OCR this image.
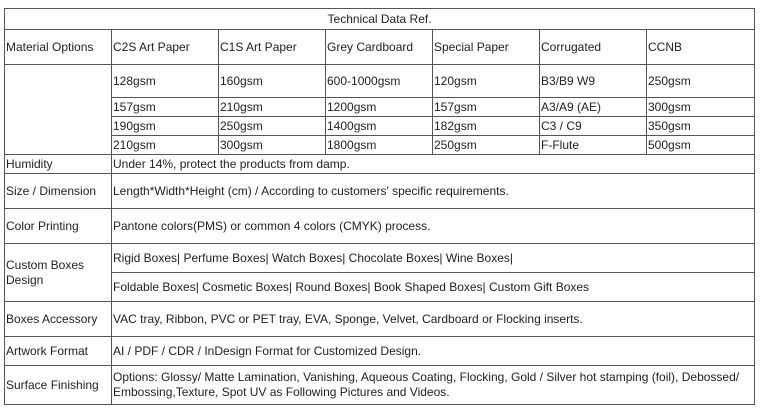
Technical Data Ref.						
Material Options	C2S Art Paper	C1S Art Paper	Grey Cardboard	Special Paper	Corrugated	CCNB
	128gsm	160gsm	600-1000gsm	120gsm	B3/B9 W9	250gsm
	157gsm	210gsm	1200gsm	157gsm	A3/A9 (AE)	300gsm
	190gsm	250gsm	1400gsm	182gsm	C3 / C9	350gsm
	210gsm	300gsm	1800gsm	250gsm	F-Flute	500gsm
Humidity	Under 14%, protect the products from damp.					
Size / Dimension	Length*Width*Height (cm) / According to customers' specific requirements.					
Color Printing	Pantone colors(PMS) or common 4 colors (CMYK) process.					
Custom Boxes Design	Rigid Boxes| Perfume Boxes| Watch Boxes| Chocolate Boxes| Wine Boxes|					
	Foldable Boxes| Cosmetic Boxes| Round Boxes| Book Shaped Boxes| Custom Gift Boxes					
Boxes Accessory	VAC tray, Ribbon, PVC or PET tray, EVA, Sponge, Velvet, Cardboard or Flocking inserts.					
Artwork Format	AI / PDF / CDR / InDesign Format for Customized Design.					
Surface Finishing	Options: Glossy/ Matte Lamination, Vanishing, Aqueous Coating, Flocking, Gold / Silver hot stamping (foil), Debossed/ Embossing,Texture, Spot UV as Following Pictures and Videos.					
